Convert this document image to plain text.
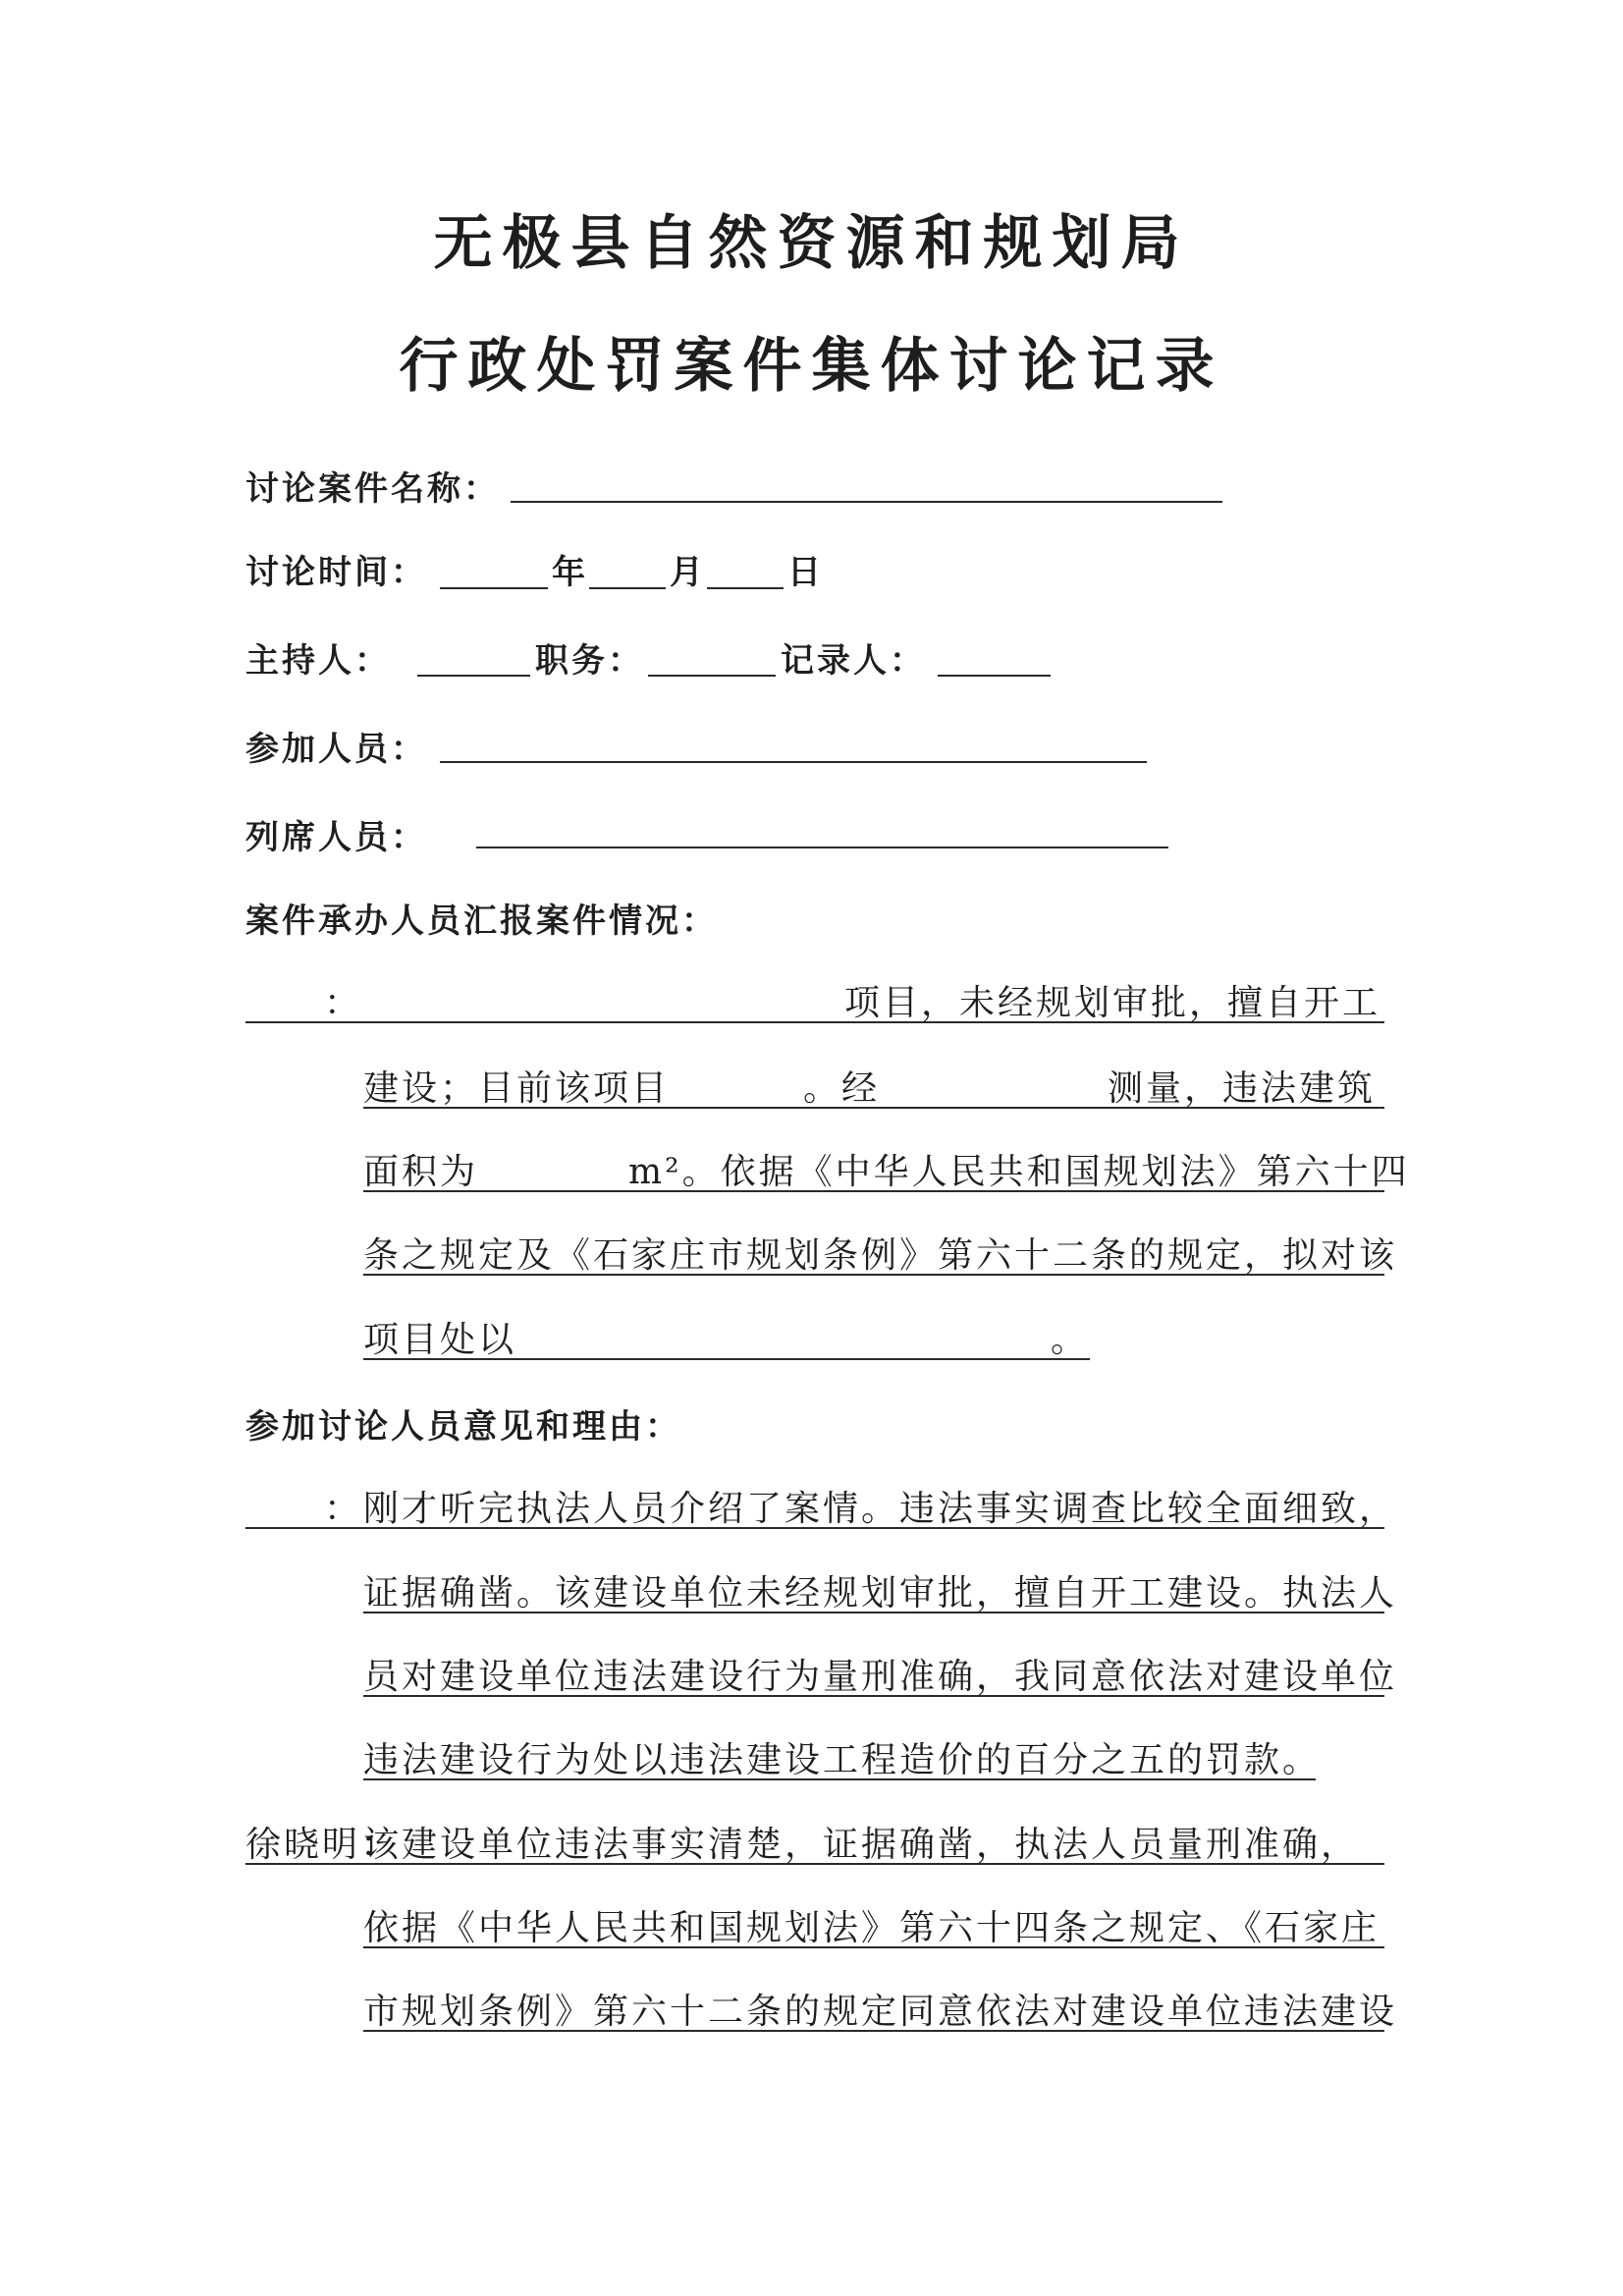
无极县自然资源和规划局
行政处罚案件集体讨论记录
讨论案件名称：
讨论时间：	年 月 日
主持人：	职务：	记录人：
参加人员：
列席人员：
案件承办人员汇报案件情况：
：	项目，未经规划审批，擅自开工
建设；目前该项目	。经	测量，违法建筑
面积为	m²。依据《中华人民共和国规划法》第六十四
条之规定及《石家庄市规划条例》第六十二条的规定，拟对该
项目处以	。
参加讨论人员意见和理由：
： 刚才听完执法人员介绍了案情。违法事实调查比较全面细致，
证据确凿。该建设单位未经规划审批，擅自开工建设。执法人
员对建设单位违法建设行为量刑准确，我同意依法对建设单位
违法建设行为处以违法建设工程造价的百分之五的罚款。
徐晓明：
该建设单位违法事实清楚，证据确凿，执法人员量刑准确，
依据《中华人民共和国规划法》第六十四条之规定、《石家庄
市规划条例》第六十二条的规定同意依法对建设单位违法建设
